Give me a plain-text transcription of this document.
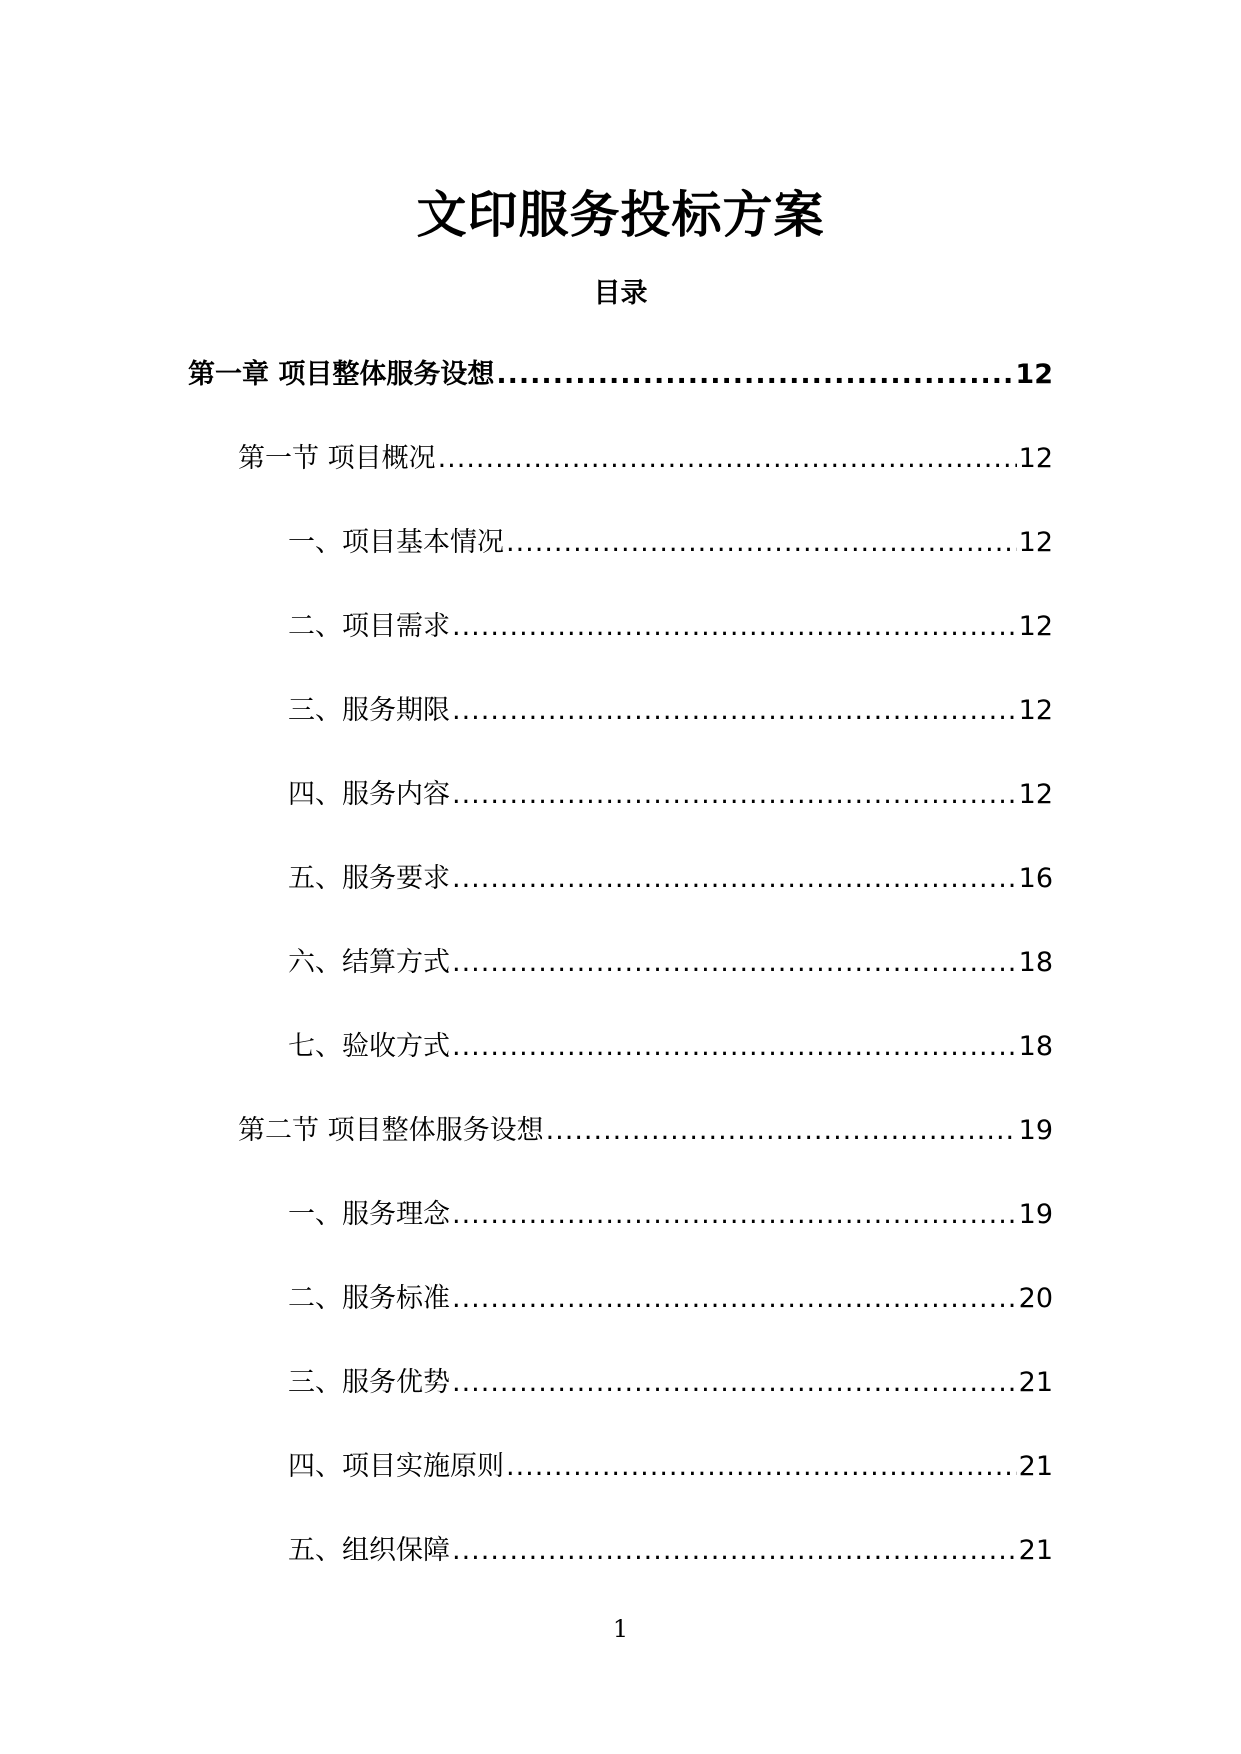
文印服务投标方案
目录
第一章 项目整体服务设想 .....	12
第一节 项目概况 .....	12
一、项目基本情况 .....	12
二、项目需求 .....	12
三、服务期限 .....	12
四、服务内容 .....	12
五、服务要求 .....	16
六、结算方式 .....	18
七、验收方式 .....	18
第二节 项目整体服务设想 .....	19
一、服务理念 .....	19
二、服务标准 .....	20
三、服务优势 .....	21
四、项目实施原则 .....	21
五、组织保障 .....	21
1
